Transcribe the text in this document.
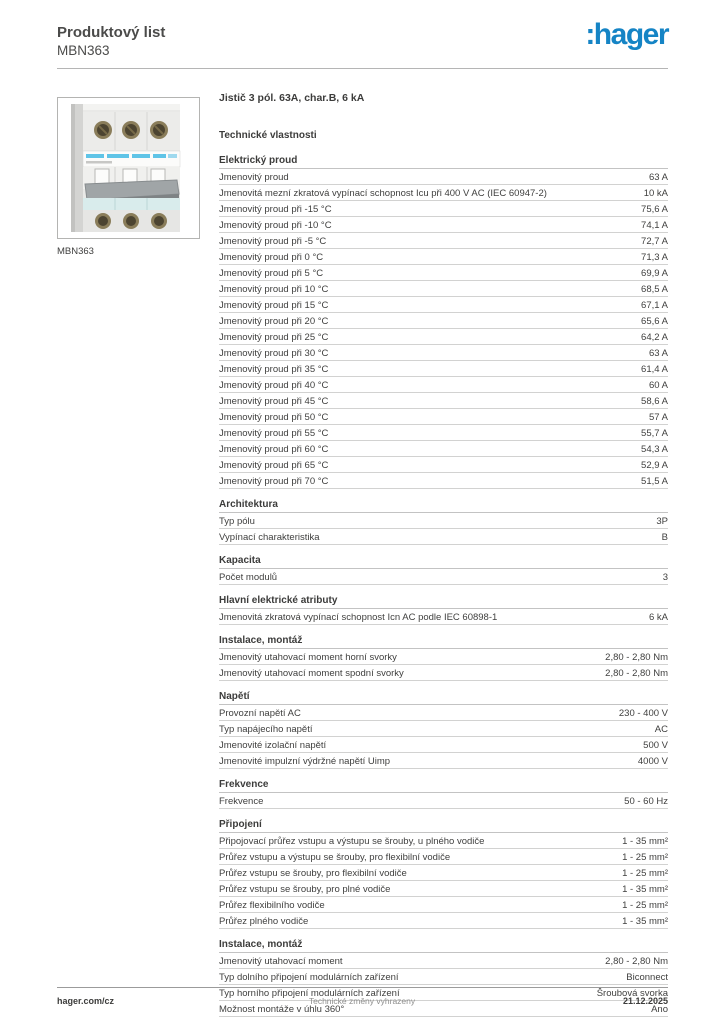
Produktový list
MBN363	:hager
MBN363
Jistič 3 pól. 63A, char.B, 6 kA
Technické vlastnosti
Elektrický proud
Jmenovitý proud	63 A
Jmenovitá mezní zkratová vypínací schopnost Icu při 400 V AC (IEC 60947-2)	10 kA
Jmenovitý proud při -15 °C	75,6 A
Jmenovitý proud při -10 °C	74,1 A
Jmenovitý proud při -5 °C	72,7 A
Jmenovitý proud při 0 °C	71,3 A
Jmenovitý proud při 5 °C	69,9 A
Jmenovitý proud při 10 °C	68,5 A
Jmenovitý proud při 15 °C	67,1 A
Jmenovitý proud při 20 °C	65,6 A
Jmenovitý proud při 25 °C	64,2 A
Jmenovitý proud při 30 °C	63 A
Jmenovitý proud při 35 °C	61,4 A
Jmenovitý proud při 40 °C	60 A
Jmenovitý proud při 45 °C	58,6 A
Jmenovitý proud při 50 °C	57 A
Jmenovitý proud při 55 °C	55,7 A
Jmenovitý proud při 60 °C	54,3 A
Jmenovitý proud při 65 °C	52,9 A
Jmenovitý proud při 70 °C	51,5 A
Architektura
Typ pólu	3P
Vypínací charakteristika	B
Kapacita
Počet modulů	3
Hlavní elektrické atributy
Jmenovitá zkratová vypínací schopnost Icn AC podle IEC 60898-1	6 kA
Instalace, montáž
Jmenovitý utahovací moment horní svorky	2,80 - 2,80 Nm
Jmenovitý utahovací moment spodní svorky	2,80 - 2,80 Nm
Napětí
Provozní napětí AC	230 - 400 V
Typ napájecího napětí	AC
Jmenovité izolační napětí	500 V
Jmenovité impulzní výdržné napětí Uimp	4000 V
Frekvence
Frekvence	50 - 60 Hz
Připojení
Připojovací průřez vstupu a výstupu se šrouby, u plného vodiče	1 - 35 mm²
Průřez vstupu a výstupu se šrouby, pro flexibilní vodiče	1 - 25 mm²
Průřez vstupu se šrouby, pro flexibilní vodiče	1 - 25 mm²
Průřez vstupu se šrouby, pro plné vodiče	1 - 35 mm²
Průřez flexibilního vodiče	1 - 25 mm²
Průřez plného vodiče	1 - 35 mm²
Instalace, montáž
Jmenovitý utahovací moment	2,80 - 2,80 Nm
Typ dolního připojení modulárních zařízení	Biconnect
Typ horního připojení modulárních zařízení	Šroubová svorka
Možnost montáže v úhlu 360°	Ano
hager.com/cz	Technické změny vyhrazeny	21.12.2025
